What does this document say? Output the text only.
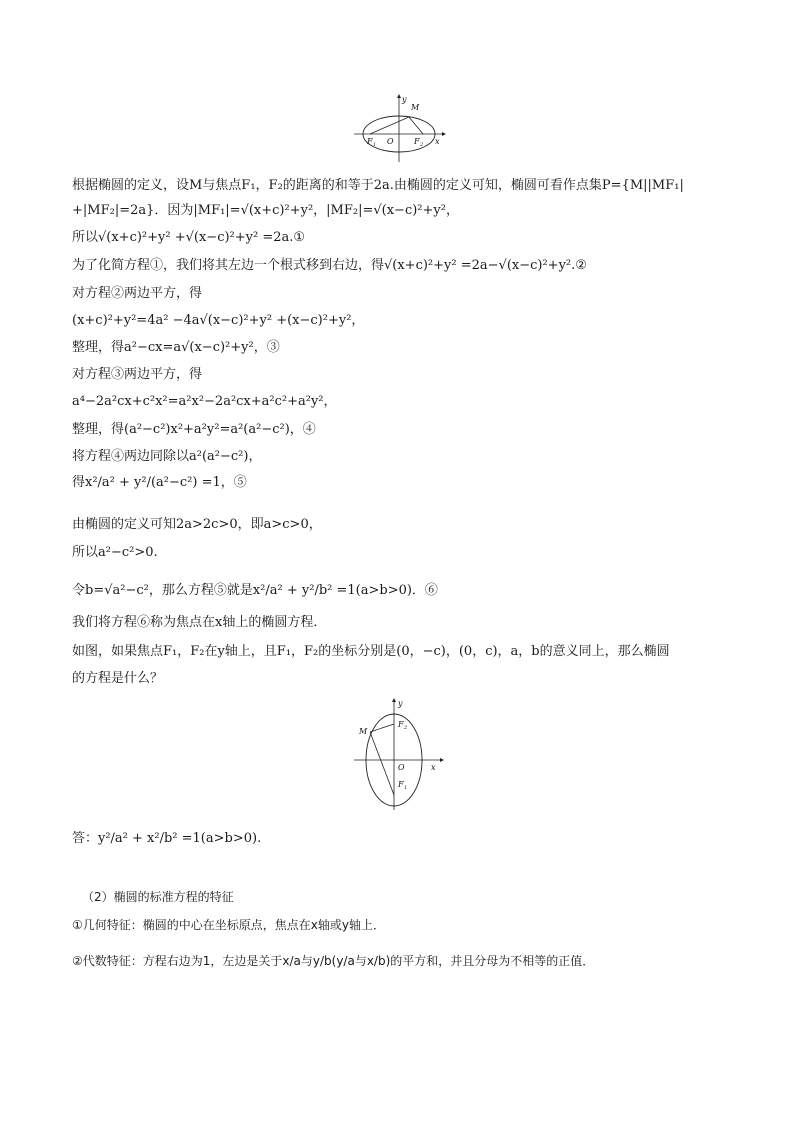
y
M
F 1 O	F 2 x
根据椭圆的定义，设M与焦点F₁，F₂的距离的和等于2a.由椭圆的定义可知，椭圆可看作点集P={M||MF₁|
+|MF₂|=2a}．因为|MF₁|=√(x+c)²+y²，|MF₂|=√(x−c)²+y²，
所以√(x+c)²+y² +√(x−c)²+y² =2a.①
为了化简方程①，我们将其左边一个根式移到右边，得√(x+c)²+y² =2a−√(x−c)²+y².②
对方程②两边平方，得
(x+c)²+y²=4a² −4a√(x−c)²+y² +(x−c)²+y²，
整理，得a²−cx=a√(x−c)²+y²，③
对方程③两边平方，得
a⁴−2a²cx+c²x²=a²x²−2a²cx+a²c²+a²y²，
整理，得(a²−c²)x²+a²y²=a²(a²−c²)，④
将方程④两边同除以a²(a²−c²)，
得x²/a² + y²/(a²−c²) =1，⑤
由椭圆的定义可知2a>2c>0，即a>c>0，
所以a²−c²>0.
令b=√a²−c²，那么方程⑤就是x²/a² + y²/b² =1(a>b>0)．⑥
我们将方程⑥称为焦点在x轴上的椭圆方程．
如图，如果焦点F₁，F₂在y轴上，且F₁，F₂的坐标分别是(0，−c)，(0，c)，a，b的意义同上，那么椭圆
的方程是什么？
y
M
F 2
O	x
F 1
答：y²/a² + x²/b² =1(a>b>0).
（2）椭圆的标准方程的特征
①几何特征：椭圆的中心在坐标原点，焦点在x轴或y轴上．
②代数特征：方程右边为1，左边是关于x/a与y/b(y/a与x/b)的平方和，并且分母为不相等的正值．
